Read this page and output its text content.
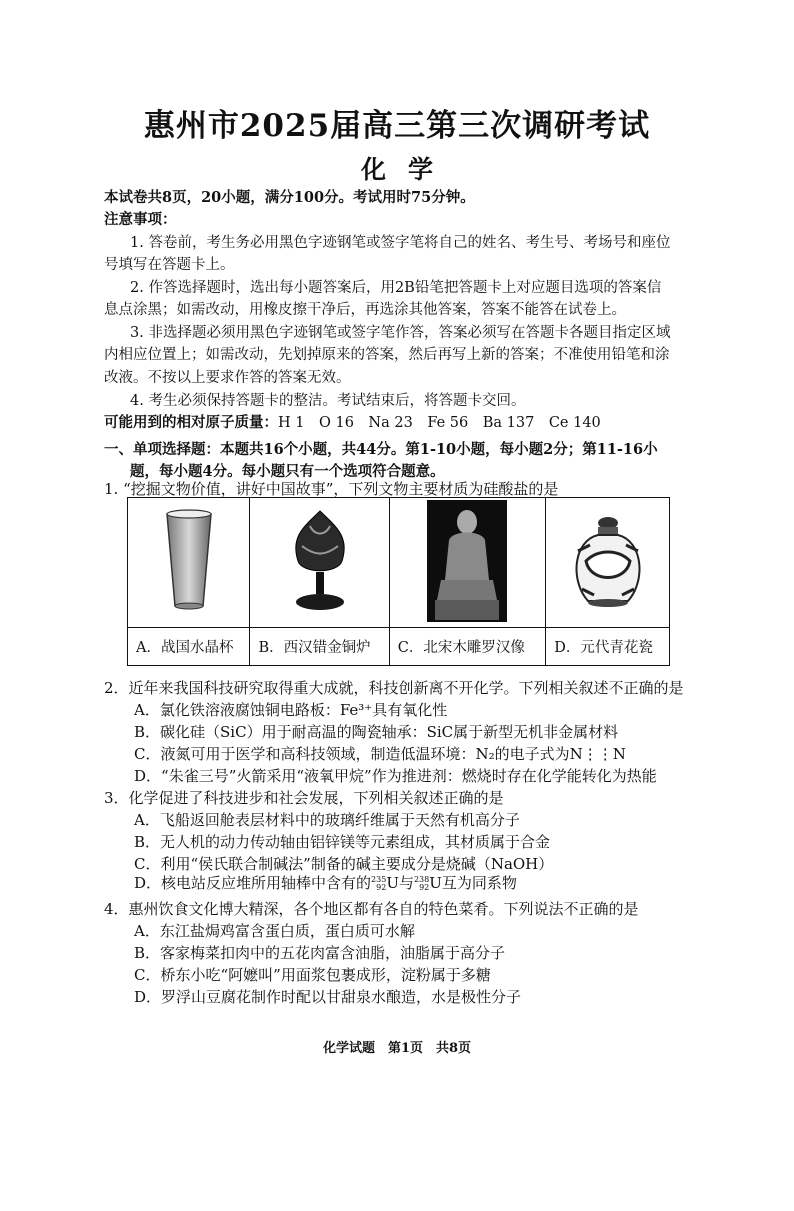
惠州市2025届高三第三次调研考试
化学
本试卷共8页，20小题，满分100分。考试用时75分钟。
注意事项：
1. 答卷前，考生务必用黑色字迹钢笔或签字笔将自己的姓名、考生号、考场号和座位
号填写在答题卡上。
2. 作答选择题时，选出每小题答案后，用2B铅笔把答题卡上对应题目选项的答案信
息点涂黑；如需改动，用橡皮擦干净后，再选涂其他答案，答案不能答在试卷上。
3. 非选择题必须用黑色字迹钢笔或签字笔作答，答案必须写在答题卡各题目指定区域
内相应位置上；如需改动，先划掉原来的答案，然后再写上新的答案；不准使用铅笔和涂
改液。不按以上要求作答的答案无效。
4. 考生必须保持答题卡的整洁。考试结束后，将答题卡交回。
可能用到的相对原子质量：H 1　O 16　Na 23　Fe 56　Ba 137　Ce 140
一、单项选择题：本题共16个小题，共44分。第1-10小题，每小题2分；第11-16小
题，每小题4分。每小题只有一个选项符合题意。
1. “挖掘文物价值，讲好中国故事”，下列文物主要材质为硅酸盐的是

A．战国水晶杯	B．西汉错金铜炉	C．北宋木雕罗汉像	D．元代青花瓷
2．近年来我国科技研究取得重大成就，科技创新离不开化学。下列相关叙述不正确的是
A．氯化铁溶液腐蚀铜电路板：Fe³⁺具有氧化性
B．碳化硅（SiC）用于耐高温的陶瓷轴承：SiC属于新型无机非金属材料
C．液氮可用于医学和高科技领域，制造低温环境：N₂的电子式为N⋮⋮N
D．“朱雀三号”火箭采用“液氧甲烷”作为推进剂：燃烧时存在化学能转化为热能
3．化学促进了科技进步和社会发展，下列相关叙述正确的是
A．飞船返回舱表层材料中的玻璃纤维属于天然有机高分子
B．无人机的动力传动轴由铝锌镁等元素组成，其材质属于合金
C．利用“侯氏联合制碱法”制备的碱主要成分是烧碱（NaOH）
D．核电站反应堆所用轴棒中含有的235
92U与238
92U互为同系物
4．惠州饮食文化博大精深，各个地区都有各自的特色菜肴。下列说法不正确的是
A．东江盐焗鸡富含蛋白质，蛋白质可水解
B．客家梅菜扣肉中的五花肉富含油脂，油脂属于高分子
C．桥东小吃“阿嬷叫”用面浆包裹成形，淀粉属于多糖
D．罗浮山豆腐花制作时配以甘甜泉水酿造，水是极性分子
化学试题　第1页　共8页
